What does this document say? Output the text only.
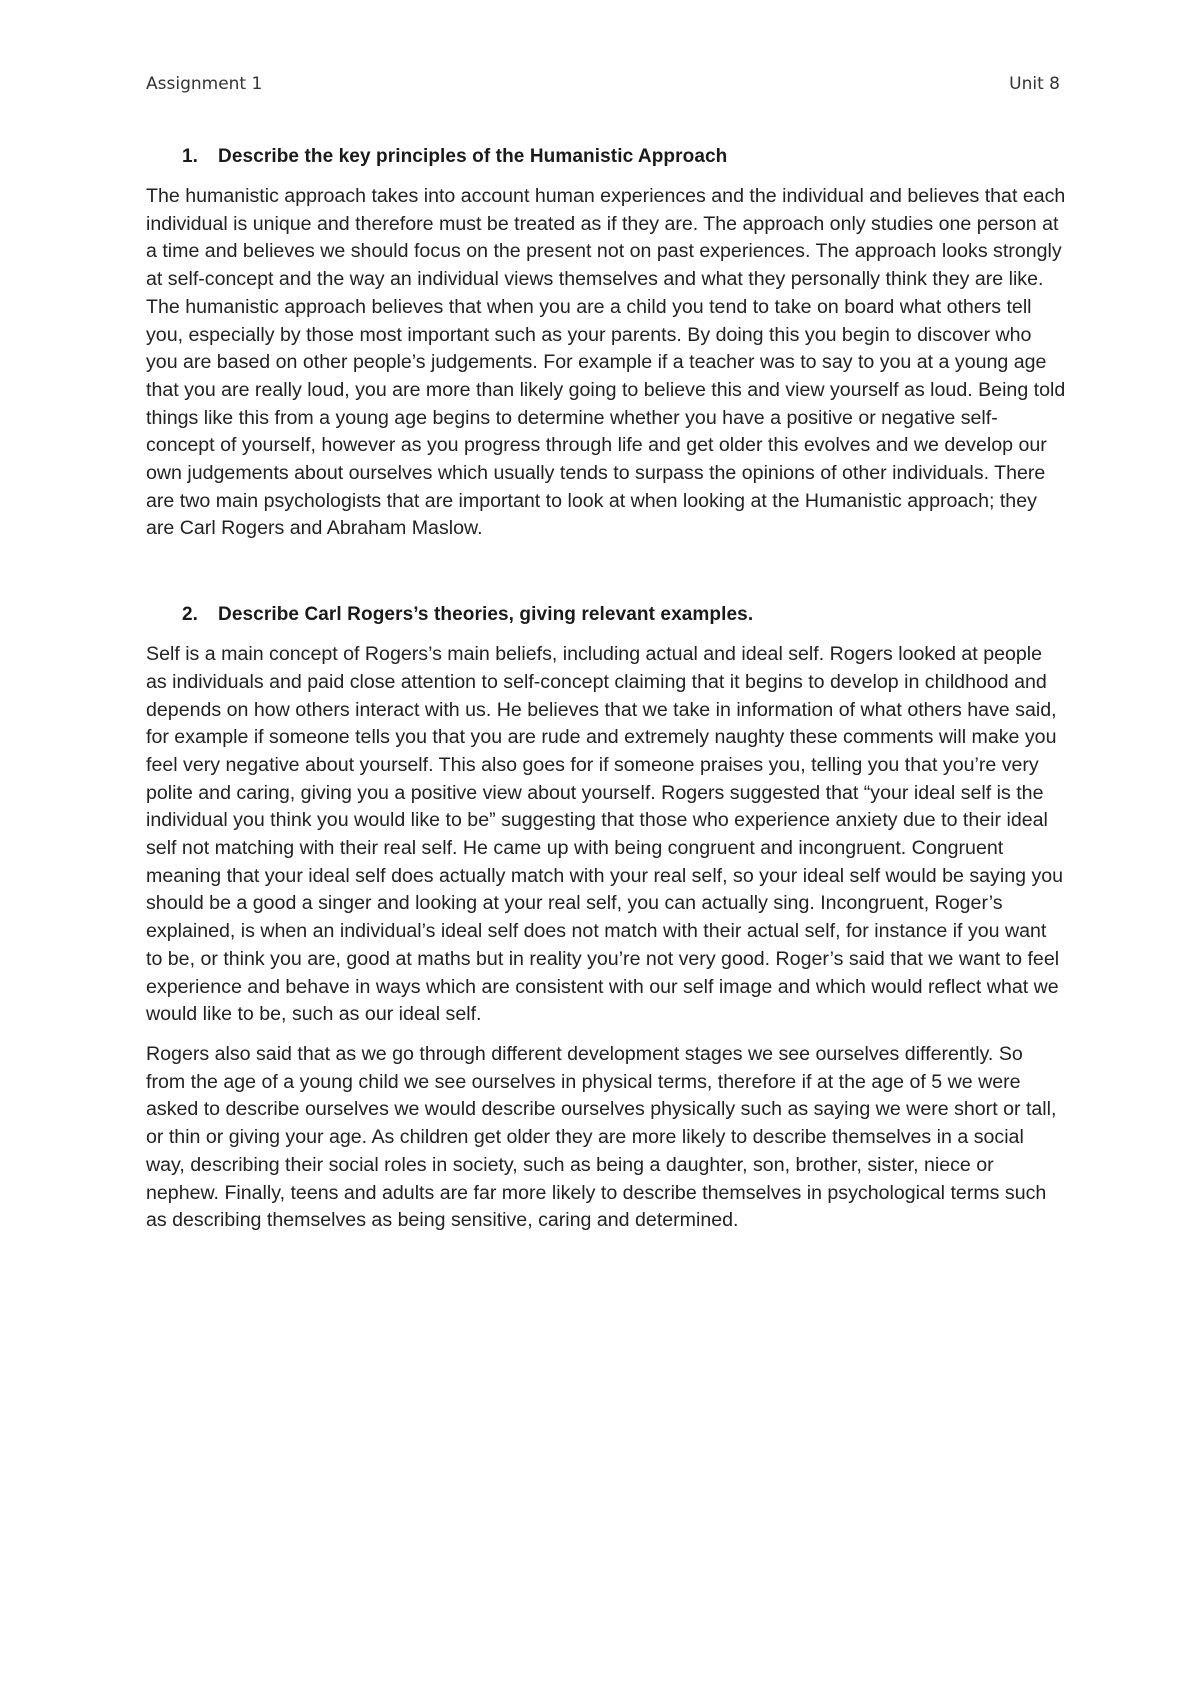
Assignment 1	Unit 8
1.	Describe the key principles of the Humanistic Approach

The humanistic approach takes into account human experiences and the individual and believes that each individual is unique and therefore must be treated as if they are. The approach only studies one person at a time and believes we should focus on the present not on past experiences. The approach looks strongly at self-concept and the way an individual views themselves and what they personally think they are like. The humanistic approach believes that when you are a child you tend to take on board what others tell you, especially by those most important such as your parents. By doing this you begin to discover who you are based on other people’s judgements. For example if a teacher was to say to you at a young age that you are really loud, you are more than likely going to believe this and view yourself as loud. Being told things like this from a young age begins to determine whether you have a positive or negative self-concept of yourself, however as you progress through life and get older this evolves and we develop our own judgements about ourselves which usually tends to surpass the opinions of other individuals. There are two main psychologists that are important to look at when looking at the Humanistic approach; they are Carl Rogers and Abraham Maslow.

2.	Describe Carl Rogers’s theories, giving relevant examples.

Self is a main concept of Rogers’s main beliefs, including actual and ideal self. Rogers looked at people as individuals and paid close attention to self-concept claiming that it begins to develop in childhood and depends on how others interact with us. He believes that we take in information of what others have said, for example if someone tells you that you are rude and extremely naughty these comments will make you feel very negative about yourself. This also goes for if someone praises you, telling you that you’re very polite and caring, giving you a positive view about yourself. Rogers suggested that “your ideal self is the individual you think you would like to be” suggesting that those who experience anxiety due to their ideal self not matching with their real self. He came up with being congruent and incongruent. Congruent meaning that your ideal self does actually match with your real self, so your ideal self would be saying you should be a good a singer and looking at your real self, you can actually sing. Incongruent, Roger’s explained, is when an individual’s ideal self does not match with their actual self, for instance if you want to be, or think you are, good at maths but in reality you’re not very good. Roger’s said that we want to feel experience and behave in ways which are consistent with our self image and which would reflect what we would like to be, such as our ideal self.

Rogers also said that as we go through different development stages we see ourselves differently. So from the age of a young child we see ourselves in physical terms, therefore if at the age of 5 we were asked to describe ourselves we would describe ourselves physically such as saying we were short or tall, or thin or giving your age. As children get older they are more likely to describe themselves in a social way, describing their social roles in society, such as being a daughter, son, brother, sister, niece or nephew. Finally, teens and adults are far more likely to describe themselves in psychological terms such as describing themselves as being sensitive, caring and determined.
